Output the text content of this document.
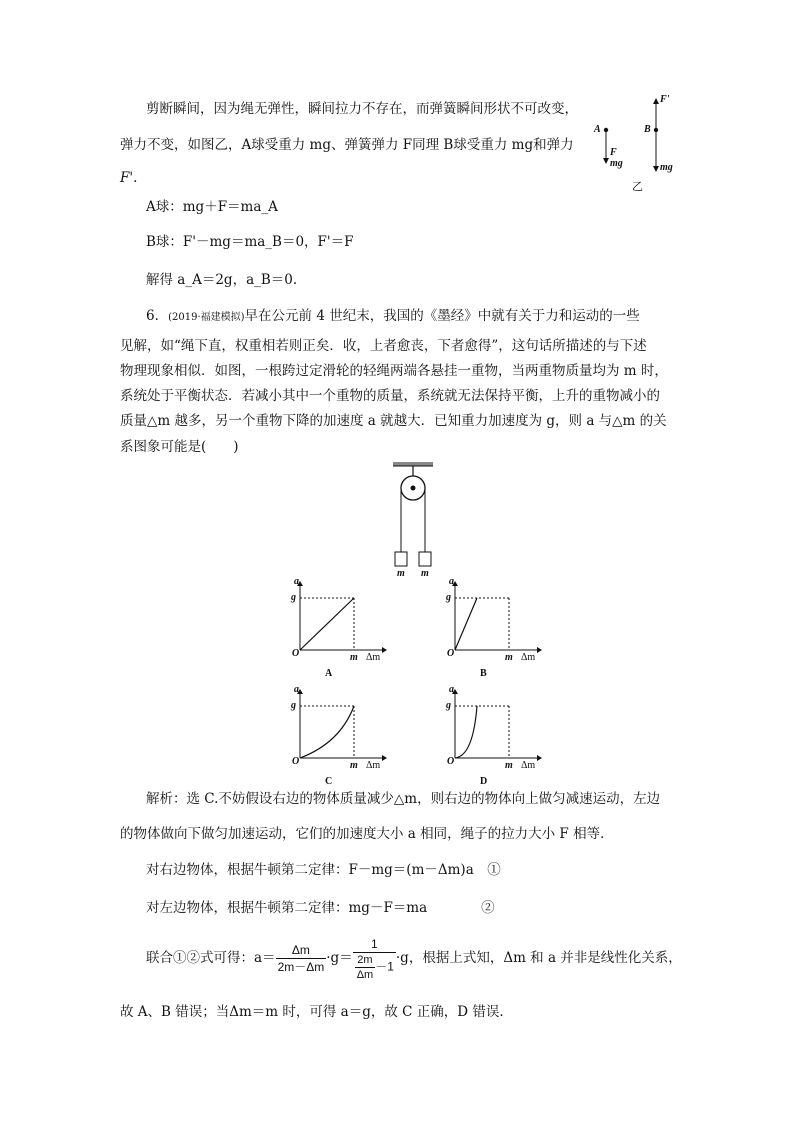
剪断瞬间，因为绳无弹性，瞬间拉力不存在，而弹簧瞬间形状不可改变，
弹力不变，如图乙，A球受重力 mg、弹簧弹力 F同理 B球受重力 mg和弹力
F'.
A球：mg＋F＝ma_A
B球：F'－mg＝ma_B＝0，F'＝F
解得 a_A＝2g，a_B＝0.
A
F
mg
B
F'
mg
乙
6．(2019·福建模拟)早在公元前 4 世纪末，我国的《墨经》中就有关于力和运动的一些
见解，如“绳下直，权重相若则正矣．收，上者愈丧，下者愈得”，这句话所描述的与下述
物理现象相似．如图，一根跨过定滑轮的轻绳两端各悬挂一重物，当两重物质量均为 m 时，
系统处于平衡状态．若减小其中一个重物的质量，系统就无法保持平衡，上升的重物减小的
质量△m 越多，另一个重物下降的加速度 a 就越大．已知重力加速度为 g，则 a 与△m 的关
系图象可能是(　　)
m m
a
g
O	m Δm
A
a
g
O	m Δm
B
a
g
O	m Δm
C
a
g
O	m Δm
D
解析：选 C.不妨假设右边的物体质量减少△m，则右边的物体向上做匀减速运动，左边
的物体做向下做匀加速运动，它们的加速度大小 a 相同，绳子的拉力大小 F 相等．
对右边物体，根据牛顿第二定律：F－mg＝(m－Δm)a　①
对左边物体，根据牛顿第二定律：mg－F＝ma　　　　②
联合①②式可得：$a= \frac{\Delta m}{2m-\Delta m} \cdot g= \frac{1}{\frac{2m}{\Delta m} -1} \cdot g$，根据上式知，Δm 和 a 并非是线性化关系，
故 A、B 错误；当Δm＝m 时，可得 a＝g，故 C 正确，D 错误．
